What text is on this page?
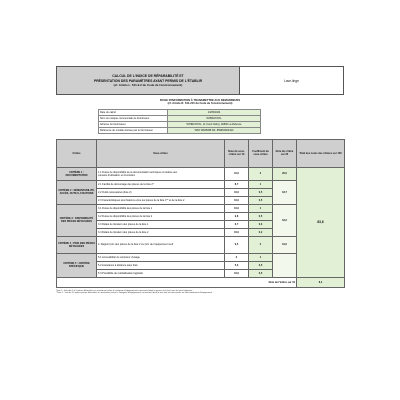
CALCUL DE L'INDICE DE RÉPARABILITÉ ET
PRÉSENTATION DES PARAMÈTRES AYANT PERMIS DE L'ÉTABLIR
(cf. Article L. 541-9-2 du Code de l'environnement)
Lave-linge
FICHE D'INFORMATION À TRANSMETTRE AUX DEMANDEURS
(cf. Article R. 541-215 du Code de l'environnement)
Date du calcul	14/05/2024
Nom ou marque commerciale du fournisseur	WHIRLPOOL
Adresse du fournisseur	WHIRLPOOL, 11 Court Valmy, 92800 La Defense
Référence du modèle donnée par le fournisseur	W6X W845WB FR, 859991664420
Critère	Sous-critère	Note du sous-critère sur 10	Coefficient du sous-critère	Note du critère sur 20	Total des notes des critères sur 100
CRITÈRE 1 : DOCUMENTATION	1.1 Durée de disponibilité de la documentation technique et relative aux
conseils d'utilisation et d'entretien	10,0	2	20,0	83,6
CRITÈRE 2 : DÉMONTABILITÉ, ACCÈS, OUTILS, FIXATIONS	2.1 Facilité de démontage des pièces de la liste 2*	8,7	1	18,7	
	2.2 Outils nécessaires (liste 2)	10,0	0,5		
	2.3 Caractéristiques des fixations entre les pièces de la liste 1** et de la liste 2	10,0	0,5		
CRITÈRE 3 : DISPONIBILITÉ DES PIÈCES DÉTACHÉES	3.1 Durée de disponibilité des pièces de la liste 1	10,0	1	18,2	
	3.2 Durée de disponibilité des pièces de la liste 2	9,8	0,5		
	3.3 Délais de livraison des pièces de la liste 1	6,7	0,3		
	3.4 Délais de livraison des pièces de la liste 2	10,0	0,2		
CRITÈRE 4 : PRIX DES PIÈCES DÉTACHÉES	4. Rapport prix des pièces de la liste 2 sur prix de l'équipement neuf	9,5	2	19,0	
CRITÈRE 5 : CRITÈRE SPÉCIFIQUE	5.1 Accessibilité du compteur d'usage	0	1		
	5.2 Assistance à distance sans frais	5,0	0,5		
	5.3 Possibilité de réinitialisation logicielle	10,0	0,5		
Note de l'indice sur 10					8,4
*liste 2 : liste des 3 à 5 pièces détachées au maximum (selon la catégorie d'équipements concernée) dont la panne ou le bris sont les plus fréquents ;
**liste 1 : liste de 10 autres pièces détachées au maximum (selon la catégorie d'équipements concernée) dont le bon état est nécessaire au fonctionnement d'équipement
